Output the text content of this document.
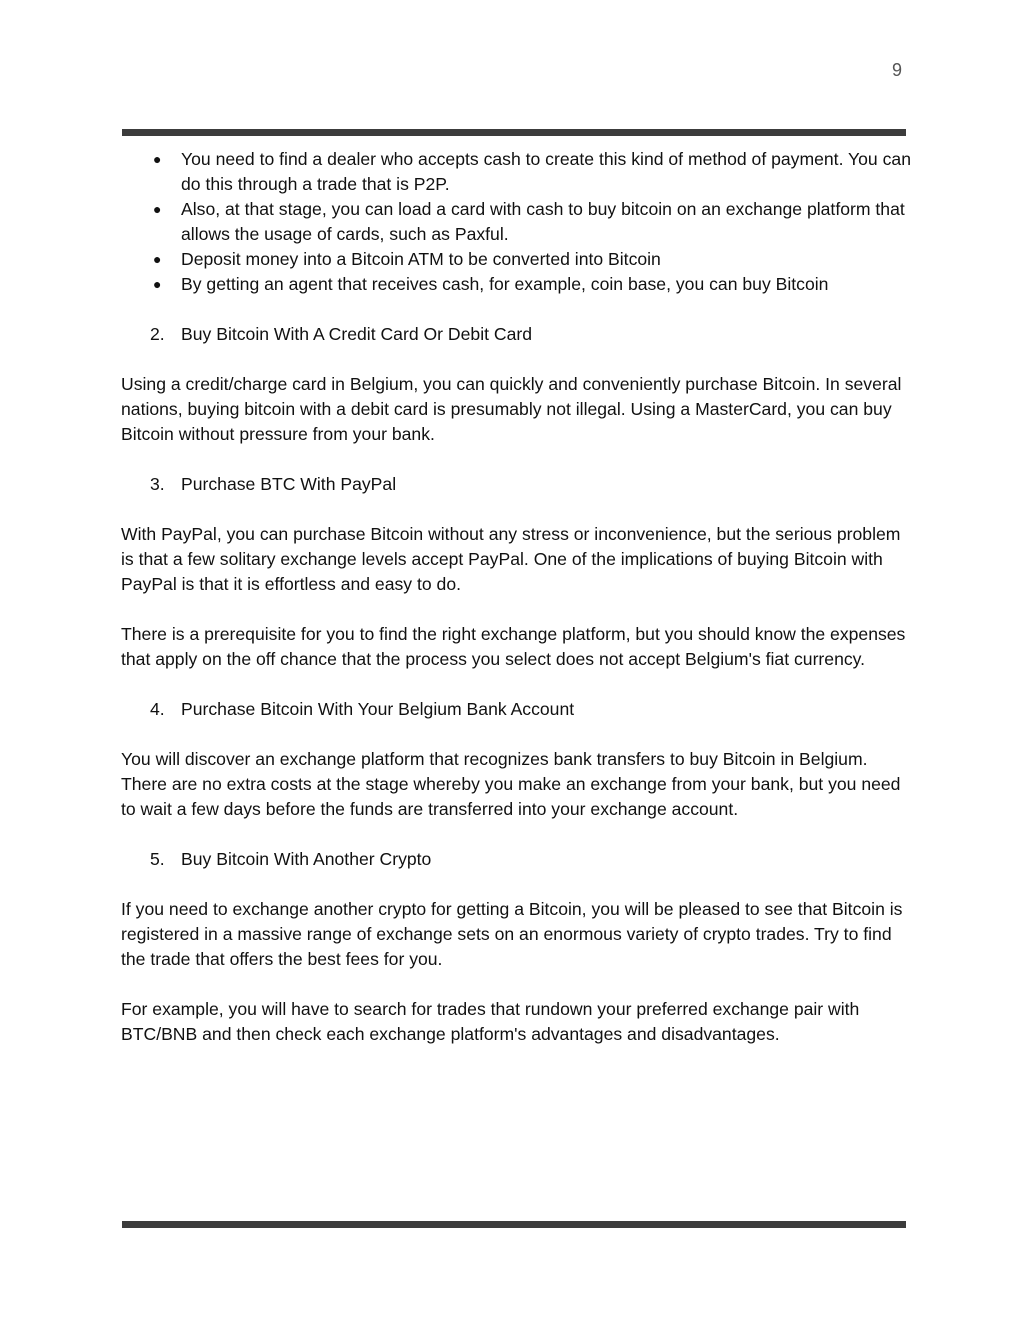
9
● You need to find a dealer who accepts cash to create this kind of method of payment. You can do this through a trade that is P2P.
● Also, at that stage, you can load a card with cash to buy bitcoin on an exchange platform that allows the usage of cards, such as Paxful.
● Deposit money into a Bitcoin ATM to be converted into Bitcoin
● By getting an agent that receives cash, for example, coin base, you can buy Bitcoin
2. Buy Bitcoin With A Credit Card Or Debit Card

Using a credit/charge card in Belgium, you can quickly and conveniently purchase Bitcoin. In several nations, buying bitcoin with a debit card is presumably not illegal. Using a MasterCard, you can buy Bitcoin without pressure from your bank.

3. Purchase BTC With PayPal

With PayPal, you can purchase Bitcoin without any stress or inconvenience, but the serious problem is that a few solitary exchange levels accept PayPal. One of the implications of buying Bitcoin with PayPal is that it is effortless and easy to do.

There is a prerequisite for you to find the right exchange platform, but you should know the expenses that apply on the off chance that the process you select does not accept Belgium's fiat currency.

4. Purchase Bitcoin With Your Belgium Bank Account

You will discover an exchange platform that recognizes bank transfers to buy Bitcoin in Belgium. There are no extra costs at the stage whereby you make an exchange from your bank, but you need to wait a few days before the funds are transferred into your exchange account.

5. Buy Bitcoin With Another Crypto

If you need to exchange another crypto for getting a Bitcoin, you will be pleased to see that Bitcoin is registered in a massive range of exchange sets on an enormous variety of crypto trades. Try to find the trade that offers the best fees for you.

For example, you will have to search for trades that rundown your preferred exchange pair with BTC/BNB and then check each exchange platform's advantages and disadvantages.
